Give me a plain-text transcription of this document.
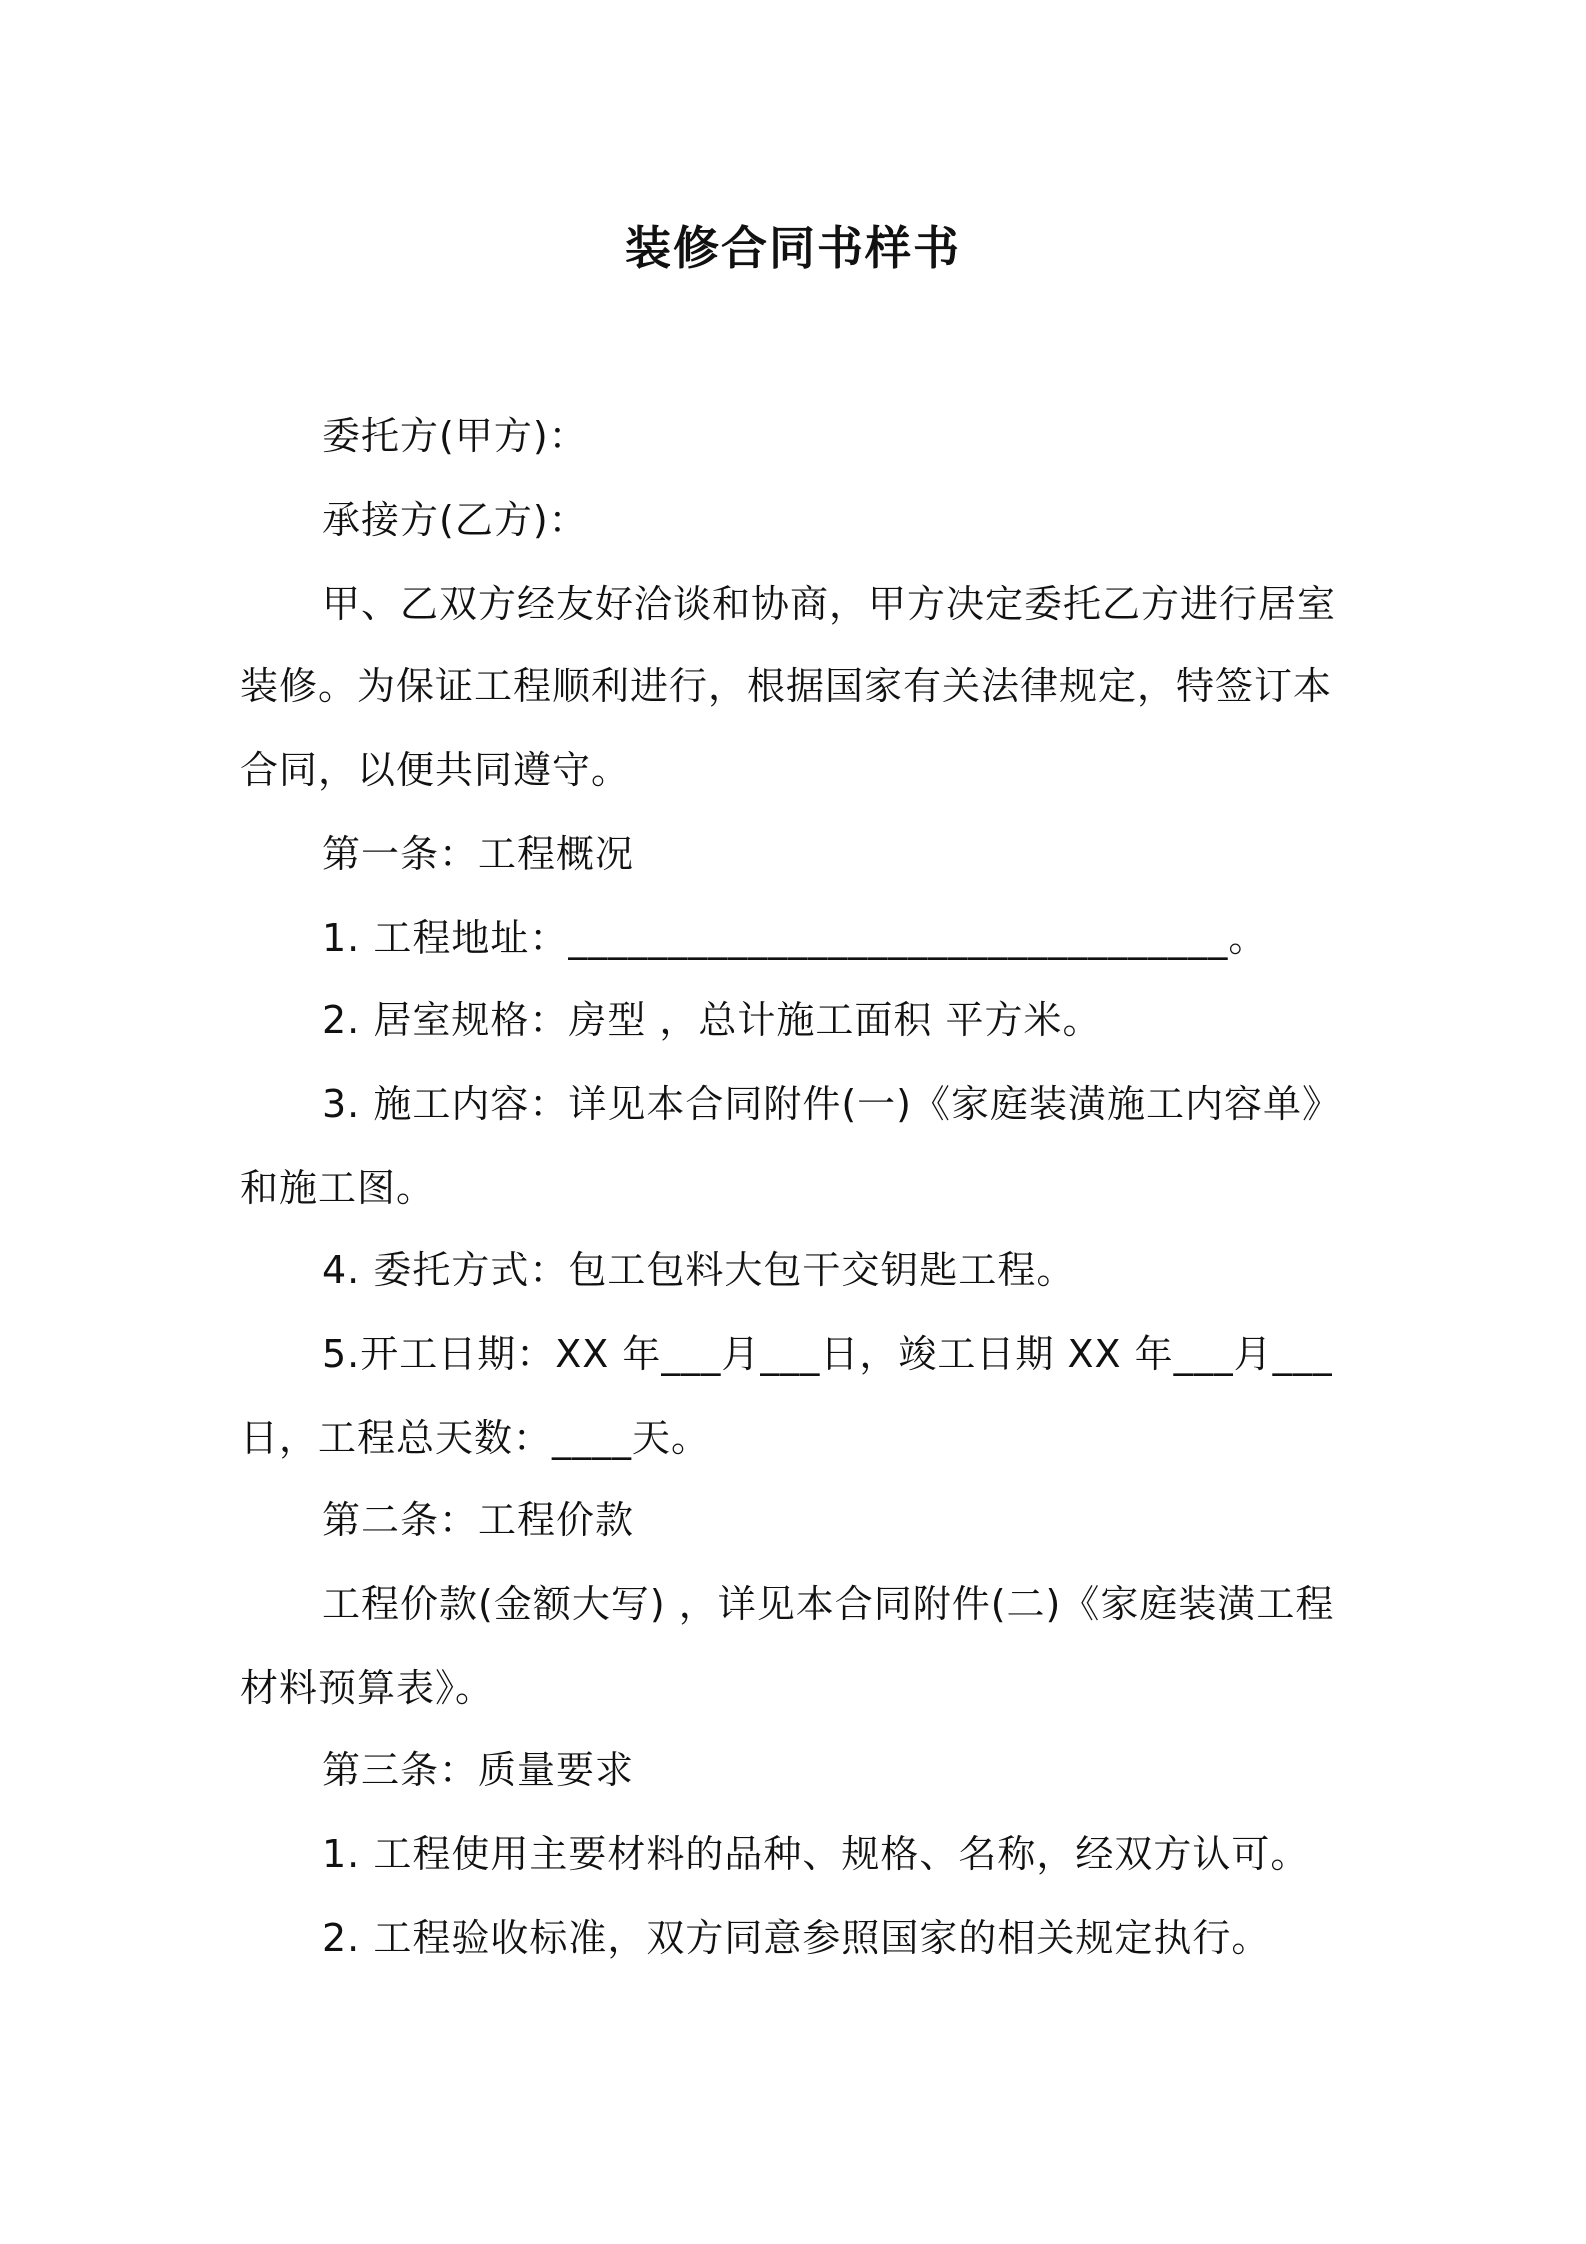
装修合同书样书
委托方(甲方)：
承接方(乙方)：
甲、乙双方经友好洽谈和协商，甲方决定委托乙方进行居室
装修。为保证工程顺利进行，根据国家有关法律规定，特签订本
合同，以便共同遵守。
第一条：工程概况
1. 工程地址：_________________________________。
2. 居室规格：房型 ，总计施工面积 平方米。
3. 施工内容：详见本合同附件(一)《家庭装潢施工内容单》
和施工图。
4. 委托方式：包工包料大包干交钥匙工程。
5.开工日期：XX 年___月___日，竣工日期 XX 年___月___
日，工程总天数：____天。
第二条：工程价款
工程价款(金额大写) ，详见本合同附件(二)《家庭装潢工程
材料预算表》。
第三条：质量要求
1. 工程使用主要材料的品种、规格、名称，经双方认可。
2. 工程验收标准，双方同意参照国家的相关规定执行。
